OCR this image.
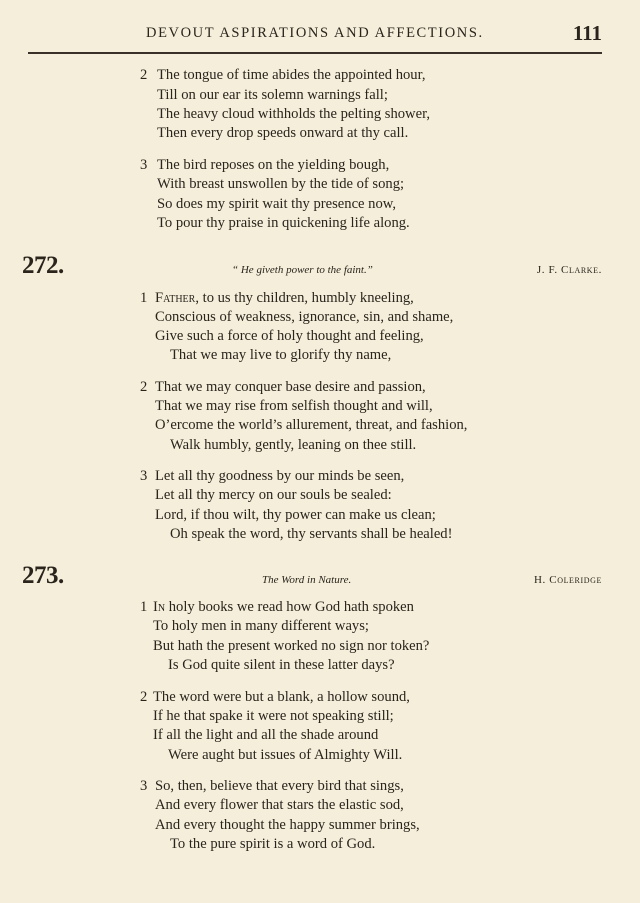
DEVOUT ASPIRATIONS AND AFFECTIONS.	111
2 The tongue of time abides the appointed hour,
Till on our ear its solemn warnings fall;
The heavy cloud withholds the pelting shower,
Then every drop speeds onward at thy call.
3 The bird reposes on the yielding bough,
With breast unswollen by the tide of song;
So does my spirit wait thy presence now,
To pour thy praise in quickening life along.
272.	“ He giveth power to the faint.”	J. F. Clarke.
1 Father, to us thy children, humbly kneeling,
Conscious of weakness, ignorance, sin, and shame,
Give such a force of holy thought and feeling,
That we may live to glorify thy name,
2 That we may conquer base desire and passion,
That we may rise from selfish thought and will,
O’ercome the world’s allurement, threat, and fashion,
Walk humbly, gently, leaning on thee still.
3 Let all thy goodness by our minds be seen,
Let all thy mercy on our souls be sealed:
Lord, if thou wilt, thy power can make us clean;
Oh speak the word, thy servants shall be healed!
273.	The Word in Nature.	H. Coleridge
1 In holy books we read how God hath spoken
To holy men in many different ways;
But hath the present worked no sign nor token?
Is God quite silent in these latter days?
2 The word were but a blank, a hollow sound,
If he that spake it were not speaking still;
If all the light and all the shade around
Were aught but issues of Almighty Will.
3 So, then, believe that every bird that sings,
And every flower that stars the elastic sod,
And every thought the happy summer brings,
To the pure spirit is a word of God.
